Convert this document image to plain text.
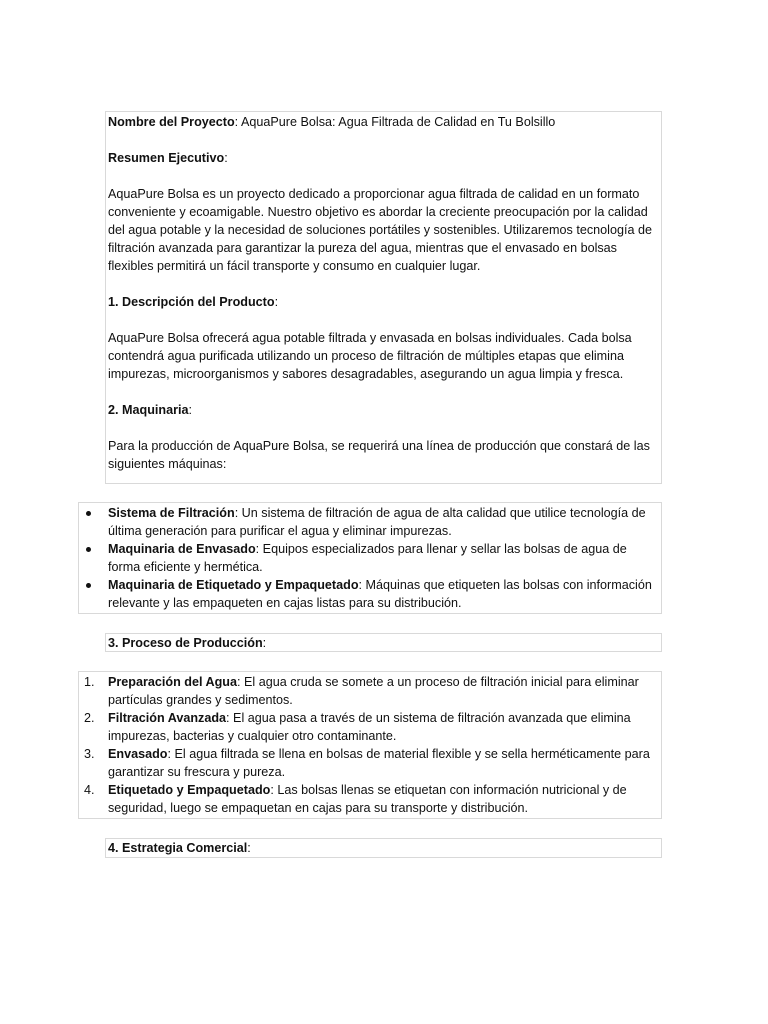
Nombre del Proyecto: AquaPure Bolsa: Agua Filtrada de Calidad en Tu Bolsillo

Resumen Ejecutivo:

AquaPure Bolsa es un proyecto dedicado a proporcionar agua filtrada de calidad en un formato conveniente y ecoamigable. Nuestro objetivo es abordar la creciente preocupación por la calidad del agua potable y la necesidad de soluciones portátiles y sostenibles. Utilizaremos tecnología de filtración avanzada para garantizar la pureza del agua, mientras que el envasado en bolsas flexibles permitirá un fácil transporte y consumo en cualquier lugar.

1. Descripción del Producto:

AquaPure Bolsa ofrecerá agua potable filtrada y envasada en bolsas individuales. Cada bolsa contendrá agua purificada utilizando un proceso de filtración de múltiples etapas que elimina impurezas, microorganismos y sabores desagradables, asegurando un agua limpia y fresca.

2. Maquinaria:

Para la producción de AquaPure Bolsa, se requerirá una línea de producción que constará de las siguientes máquinas:

Sistema de Filtración: Un sistema de filtración de agua de alta calidad que utilice tecnología de última generación para purificar el agua y eliminar impurezas.
Maquinaria de Envasado: Equipos especializados para llenar y sellar las bolsas de agua de forma eficiente y hermética.
Maquinaria de Etiquetado y Empaquetado: Máquinas que etiqueten las bolsas con información relevante y las empaqueten en cajas listas para su distribución.

3. Proceso de Producción:

1. Preparación del Agua: El agua cruda se somete a un proceso de filtración inicial para eliminar partículas grandes y sedimentos.
2. Filtración Avanzada: El agua pasa a través de un sistema de filtración avanzada que elimina impurezas, bacterias y cualquier otro contaminante.
3. Envasado: El agua filtrada se llena en bolsas de material flexible y se sella herméticamente para garantizar su frescura y pureza.
4. Etiquetado y Empaquetado: Las bolsas llenas se etiquetan con información nutricional y de seguridad, luego se empaquetan en cajas para su transporte y distribución.

4. Estrategia Comercial:
